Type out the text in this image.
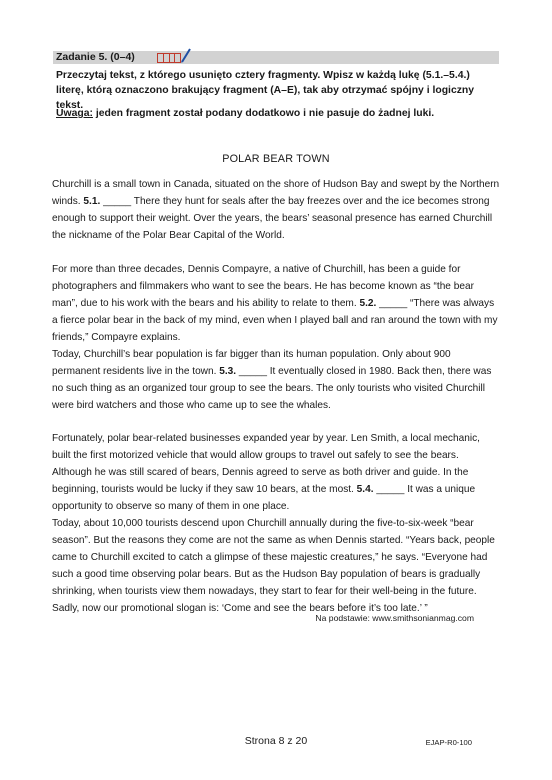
Zadanie 5. (0–4)
Przeczytaj tekst, z którego usunięto cztery fragmenty. Wpisz w każdą lukę (5.1.–5.4.) literę, którą oznaczono brakujący fragment (A–E), tak aby otrzymać spójny i logiczny tekst.
Uwaga: jeden fragment został podany dodatkowo i nie pasuje do żadnej luki.
POLAR BEAR TOWN
Churchill is a small town in Canada, situated on the shore of Hudson Bay and swept by the Northern winds. 5.1. _____ There they hunt for seals after the bay freezes over and the ice becomes strong enough to support their weight. Over the years, the bears’ seasonal presence has earned Churchill the nickname of the Polar Bear Capital of the World.
For more than three decades, Dennis Compayre, a native of Churchill, has been a guide for photographers and filmmakers who want to see the bears. He has become known as “the bear man”, due to his work with the bears and his ability to relate to them. 5.2. _____ “There was always a fierce polar bear in the back of my mind, even when I played ball and ran around the town with my friends,” Compayre explains.
Today, Churchill’s bear population is far bigger than its human population. Only about 900 permanent residents live in the town. 5.3. _____ It eventually closed in 1980. Back then, there was no such thing as an organized tour group to see the bears. The only tourists who visited Churchill were bird watchers and those who came up to see the whales.
Fortunately, polar bear-related businesses expanded year by year. Len Smith, a local mechanic, built the first motorized vehicle that would allow groups to travel out safely to see the bears. Although he was still scared of bears, Dennis agreed to serve as both driver and guide. In the beginning, tourists would be lucky if they saw 10 bears, at the most. 5.4. _____ It was a unique opportunity to observe so many of them in one place.
Today, about 10,000 tourists descend upon Churchill annually during the five-to-six-week “bear season”. But the reasons they come are not the same as when Dennis started. “Years back, people came to Churchill excited to catch a glimpse of these majestic creatures,” he says. “Everyone had such a good time observing polar bears. But as the Hudson Bay population of bears is gradually shrinking, when tourists view them nowadays, they start to fear for their well-being in the future. Sadly, now our promotional slogan is: ‘Come and see the bears before it’s too late.’ ”
Na podstawie: www.smithsonianmag.com
Strona 8 z 20	EJAP-R0-100
